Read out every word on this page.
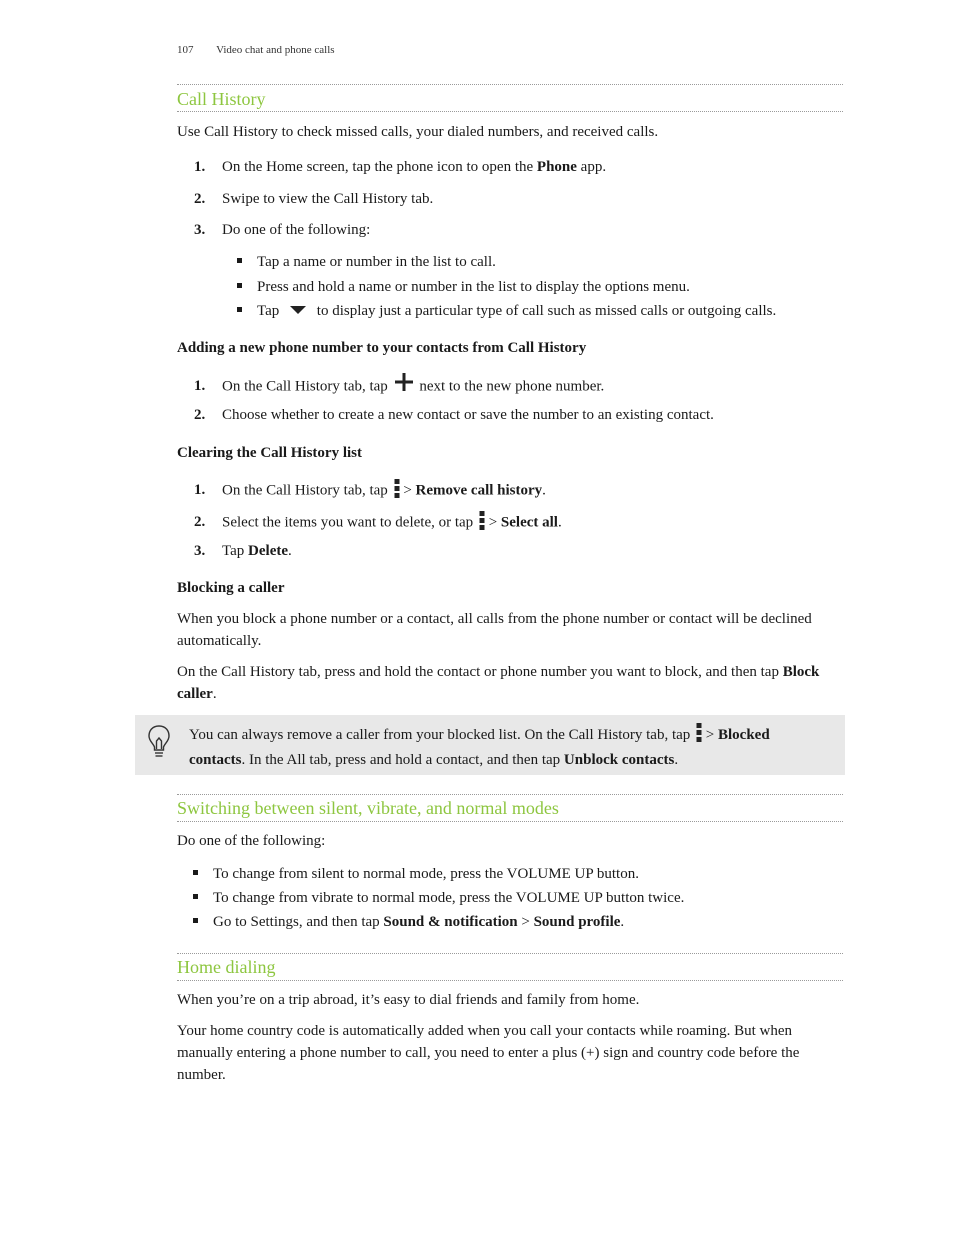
107 Video chat and phone calls
Call History
Use Call History to check missed calls, your dialed numbers, and received calls.
1. On the Home screen, tap the phone icon to open the Phone app.
2. Swipe to view the Call History tab.
3. Do one of the following:
Tap a name or number in the list to call.
Press and hold a name or number in the list to display the options menu.
Tap	to display just a particular type of call such as missed calls or outgoing calls.
Adding a new phone number to your contacts from Call History
1. On the Call History tab, tap next to the new phone number.
2. Choose whether to create a new contact or save the number to an existing contact.
Clearing the Call History list
1. On the Call History tab, tap  > Remove call history.
2. Select the items you want to delete, or tap  > Select all.
3. Tap Delete.
Blocking a caller
When you block a phone number or a contact, all calls from the phone number or contact will be declined automatically.
On the Call History tab, press and hold the contact or phone number you want to block, and then tap Block caller.
You can always remove a caller from your blocked list. On the Call History tab, tap  > Blocked contacts. In the All tab, press and hold a contact, and then tap Unblock contacts.
Switching between silent, vibrate, and normal modes
Do one of the following:
To change from silent to normal mode, press the VOLUME UP button.
To change from vibrate to normal mode, press the VOLUME UP button twice.
Go to Settings, and then tap Sound & notification > Sound profile.
Home dialing
When you’re on a trip abroad, it’s easy to dial friends and family from home.
Your home country code is automatically added when you call your contacts while roaming. But when manually entering a phone number to call, you need to enter a plus (+) sign and country code before the number.
